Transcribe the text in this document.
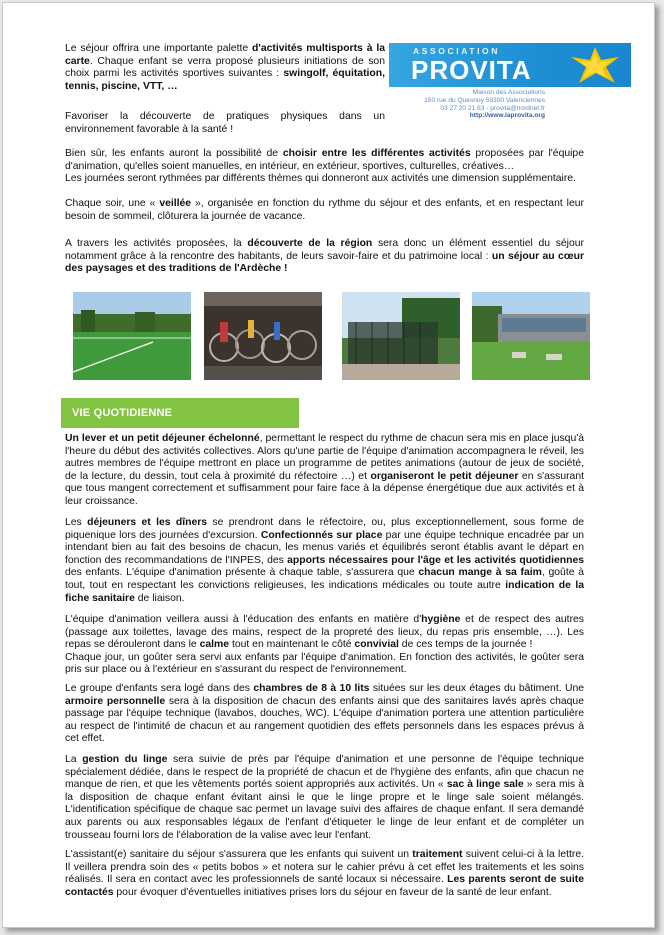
Le séjour offrira une importante palette d'activités multisports à la carte. Chaque enfant se verra proposé plusieurs initiations de son choix parmi les activités sportives suivantes : swingolf, équitation, tennis, piscine, VTT, …

Favoriser la découverte de pratiques physiques dans un environnement favorable à la santé !

ASSOCIATION
PROVITA
Maison des Associations
150 rue du Quesnoy 59300 Valenciennes
03 27 20 21 63 - provita@nordnet.fr
http://www.laprovita.org

Bien sûr, les enfants auront la possibilité de choisir entre les différentes activités proposées par l'équipe d'animation, qu'elles soient manuelles, en intérieur, en extérieur, sportives, culturelles, créatives…
Les journées seront rythmées par différents thèmes qui donneront aux activités une dimension supplémentaire.

Chaque soir, une « veillée », organisée en fonction du rythme du séjour et des enfants, et en respectant leur besoin de sommeil, clôturera la journée de vacance.

A travers les activités proposées, la découverte de la région sera donc un élément essentiel du séjour notamment grâce à la rencontre des habitants, de leurs savoir-faire et du patrimoine local : un séjour au cœur des paysages et des traditions de l'Ardèche !

VIE QUOTIDIENNE

Un lever et un petit déjeuner échelonné, permettant le respect du rythme de chacun sera mis en place jusqu'à l'heure du début des activités collectives. Alors qu'une partie de l'équipe d'animation accompagnera le réveil, les autres membres de l'équipe mettront en place un programme de petites animations (autour de jeux de société, de la lecture, du dessin, tout cela à proximité du réfectoire …) et organiseront le petit déjeuner en s'assurant que tous mangent correctement et suffisamment pour faire face à la dépense énergétique due aux activités et à leur croissance.

Les déjeuners et les dîners se prendront dans le réfectoire, ou, plus exceptionnellement, sous forme de piquenique lors des journées d'excursion. Confectionnés sur place par une équipe technique encadrée par un intendant bien au fait des besoins de chacun, les menus variés et équilibrés seront établis avant le départ en fonction des recommandations de l'INPES, des apports nécessaires pour l'âge et les activités quotidiennes des enfants. L'équipe d'animation présente à chaque table, s'assurera que chacun mange à sa faim, goûte à tout, tout en respectant les convictions religieuses, les indications médicales ou toute autre indication de la fiche sanitaire de liaison.

L'équipe d'animation veillera aussi à l'éducation des enfants en matière d'hygiène et de respect des autres (passage aux toilettes, lavage des mains, respect de la propreté des lieux, du repas pris ensemble, …). Les repas se dérouleront dans le calme tout en maintenant le côté convivial de ces temps de la journée !
Chaque jour, un goûter sera servi aux enfants par l'équipe d'animation. En fonction des activités, le goûter sera pris sur place ou à l'extérieur en s'assurant du respect de l'environnement.

Le groupe d'enfants sera logé dans des chambres de 8 à 10 lits situées sur les deux étages du bâtiment. Une armoire personnelle sera à la disposition de chacun des enfants ainsi que des sanitaires lavés après chaque passage par l'équipe technique (lavabos, douches, WC). L'équipe d'animation portera une attention particulière au respect de l'intimité de chacun et au rangement quotidien des effets personnels dans les espaces prévus à cet effet.

La gestion du linge sera suivie de près par l'équipe d'animation et une personne de l'équipe technique spécialement dédiée, dans le respect de la propriété de chacun et de l'hygiène des enfants, afin que chacun ne manque de rien, et que les vêtements portés soient appropriés aux activités. Un « sac à linge sale » sera mis à la disposition de chaque enfant évitant ainsi le que le linge propre et le linge sale soient mélangés. L'identification spécifique de chaque sac permet un lavage suivi des affaires de chaque enfant. Il sera demandé aux parents ou aux responsables légaux de l'enfant d'étiqueter le linge de leur enfant et de compléter un trousseau fourni lors de l'élaboration de la valise avec leur l'enfant.

L'assistant(e) sanitaire du séjour s'assurera que les enfants qui suivent un traitement suivent celui-ci à la lettre. Il veillera prendra soin des « petits bobos » et notera sur le cahier prévu à cet effet les traitements et les soins réalisés. Il sera en contact avec les professionnels de santé locaux si nécessaire. Les parents seront de suite contactés pour évoquer d'éventuelles initiatives prises lors du séjour en faveur de la santé de leur enfant.
